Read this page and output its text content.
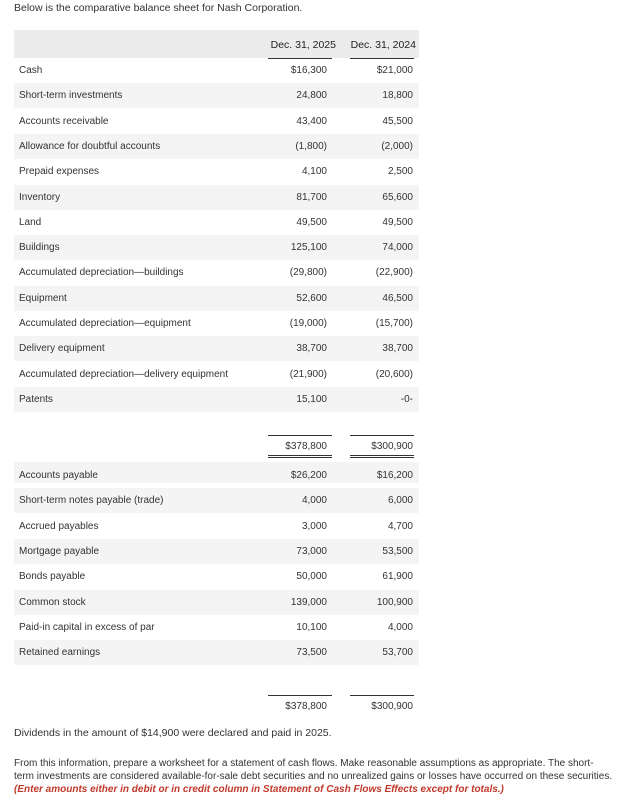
Below is the comparative balance sheet for Nash Corporation.
Dec. 31, 2025 Dec. 31, 2024
Cash	$16,300	$21,000
Short-term investments	24,800	18,800
Accounts receivable	43,400	45,500
Allowance for doubtful accounts	(1,800)	(2,000)
Prepaid expenses	4,100	2,500
Inventory	81,700	65,600
Land	49,500	49,500
Buildings	125,100	74,000
Accumulated depreciation—buildings	(29,800)	(22,900)
Equipment	52,600	46,500
Accumulated depreciation—equipment	(19,000)	(15,700)
Delivery equipment	38,700	38,700
Accumulated depreciation—delivery equipment	(21,900)	(20,600)
Patents	15,100	-0-
$378,800	$300,900
Accounts payable	$26,200	$16,200
Short-term notes payable (trade)	4,000	6,000
Accrued payables	3,000	4,700
Mortgage payable	73,000	53,500
Bonds payable	50,000	61,900
Common stock	139,000	100,900
Paid-in capital in excess of par	10,100	4,000
Retained earnings	73,500	53,700
$378,800	$300,900
Dividends in the amount of $14,900 were declared and paid in 2025.
From this information, prepare a worksheet for a statement of cash flows. Make reasonable assumptions as appropriate. The short-
term investments are considered available-for-sale debt securities and no unrealized gains or losses have occurred on these securities.
(Enter amounts either in debit or in credit column in Statement of Cash Flows Effects except for totals.)
